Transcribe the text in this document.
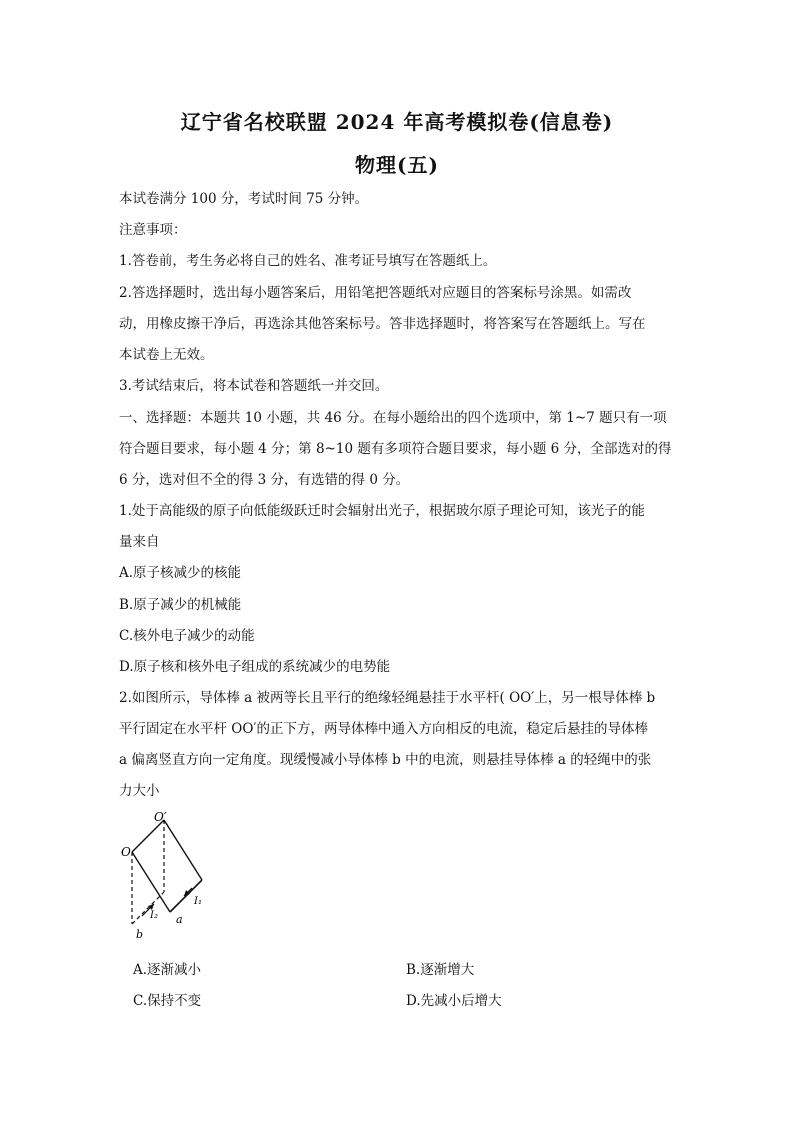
辽宁省名校联盟 2024 年高考模拟卷(信息卷)
物理(五)
本试卷满分 100 分，考试时间 75 分钟。
注意事项：
1.答卷前，考生务必将自己的姓名、准考证号填写在答题纸上。
2.答选择题时，选出每小题答案后，用铅笔把答题纸对应题目的答案标号涂黑。如需改
动，用橡皮擦干净后，再选涂其他答案标号。答非选择题时，将答案写在答题纸上。写在
本试卷上无效。
3.考试结束后，将本试卷和答题纸一并交回。
一、选择题：本题共 10 小题，共 46 分。在每小题给出的四个选项中，第 1~7 题只有一项
符合题目要求，每小题 4 分；第 8~10 题有多项符合题目要求，每小题 6 分，全部选对的得
6 分，选对但不全的得 3 分，有选错的得 0 分。
1.处于高能级的原子向低能级跃迁时会辐射出光子，根据玻尔原子理论可知，该光子的能
量来自
A.原子核减少的核能
B.原子减少的机械能
C.核外电子减少的动能
D.原子核和核外电子组成的系统减少的电势能
2.如图所示，导体棒 a 被两等长且平行的绝缘轻绳悬挂于水平杆( OO′上，另一根导体棒 b
平行固定在水平杆 OO′的正下方，两导体棒中通入方向相反的电流，稳定后悬挂的导体棒
a 偏离竖直方向一定角度。现缓慢减小导体棒 b 中的电流，则悬挂导体棒 a 的轻绳中的张
力大小
O
O′
a
b
I₁
I₂
A.逐渐减小	B.逐渐增大
C.保持不变	D.先减小后增大
